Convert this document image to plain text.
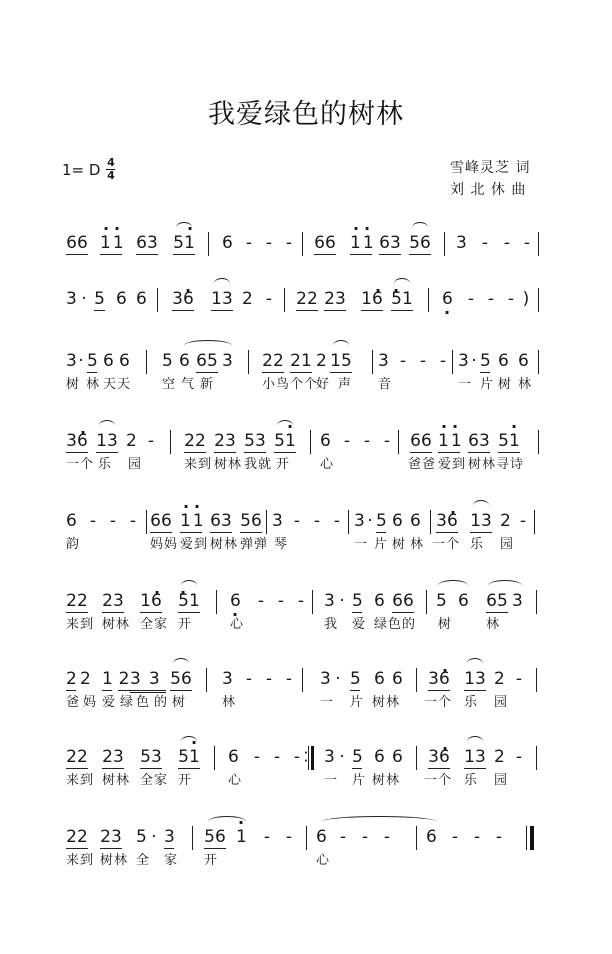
我爱绿色的树林
1= D $\frac{4}{4}$	雪峰灵芝 词
刘 北 休 曲
66 11 63 51 6 - - - 66 11 63 56 3 - - -
3 · 5 6 6 36 13 2 - 22 23 16 51 6 · - - - )
3 · 5 6 6 5 6 65 3 22 21 2 15 3 - - - 3 · 5 6 6
树 林 天天 空气新	小鸟个个
好 声 音	一 片 树 林
36 13 2 - 22 23 53 51 6 - - - 66 11 63 51
一个 乐 园	来到 树林 我就 开 心	爸爸 爱到 树林寻诗
6 - - - 66 11 63 56 3 - - - 3 · 5 6 6 36 13 2 -
韵	妈妈 爱到 树林 弹弹 琴	一 片 树 林 一个 乐 园
22 23 16 51 6 · - - - 3 · 5 6 66 5 6 65 3
来到 树林 全家 开	心	我 爱 绿色的 树	林
2 2 1 2 33 56 3 - - - 3 · 5 6 6 36 13 2 -
爸妈 爱 绿 色 的 树	林	一 片 树林 一个 乐 园
22 23 53 51 6 - - - ·
· 3 · 5 6 6 36 13 2 -
来到 树林 全家 开	心	一 片 树林 一个 乐 园
22 23 5 · 3 56 · 1 - - 6 - - - 6 - - -
来到 树林 全 家 开	心
